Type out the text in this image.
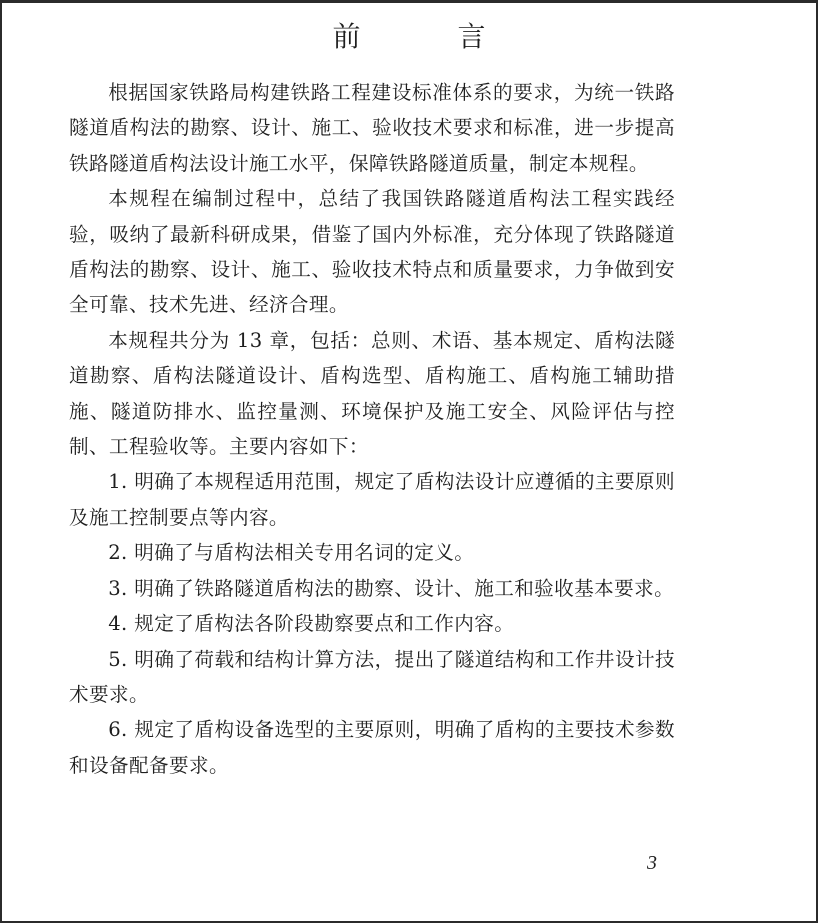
前 言

根据国家铁路局构建铁路工程建设标准体系的要求，为统一铁路隧道盾构法的勘察、设计、施工、验收技术要求和标准，进一步提高铁路隧道盾构法设计施工水平，保障铁路隧道质量，制定本规程。

本规程在编制过程中，总结了我国铁路隧道盾构法工程实践经验，吸纳了最新科研成果，借鉴了国内外标准，充分体现了铁路隧道盾构法的勘察、设计、施工、验收技术特点和质量要求，力争做到安全可靠、技术先进、经济合理。

本规程共分为 13 章，包括：总则、术语、基本规定、盾构法隧道勘察、盾构法隧道设计、盾构选型、盾构施工、盾构施工辅助措施、隧道防排水、监控量测、环境保护及施工安全、风险评估与控制、工程验收等。主要内容如下：

1. 明确了本规程适用范围，规定了盾构法设计应遵循的主要原则及施工控制要点等内容。

2. 明确了与盾构法相关专用名词的定义。

3. 明确了铁路隧道盾构法的勘察、设计、施工和验收基本要求。

4. 规定了盾构法各阶段勘察要点和工作内容。

5. 明确了荷载和结构计算方法，提出了隧道结构和工作井设计技术要求。

6. 规定了盾构设备选型的主要原则，明确了盾构的主要技术参数和设备配备要求。

3
